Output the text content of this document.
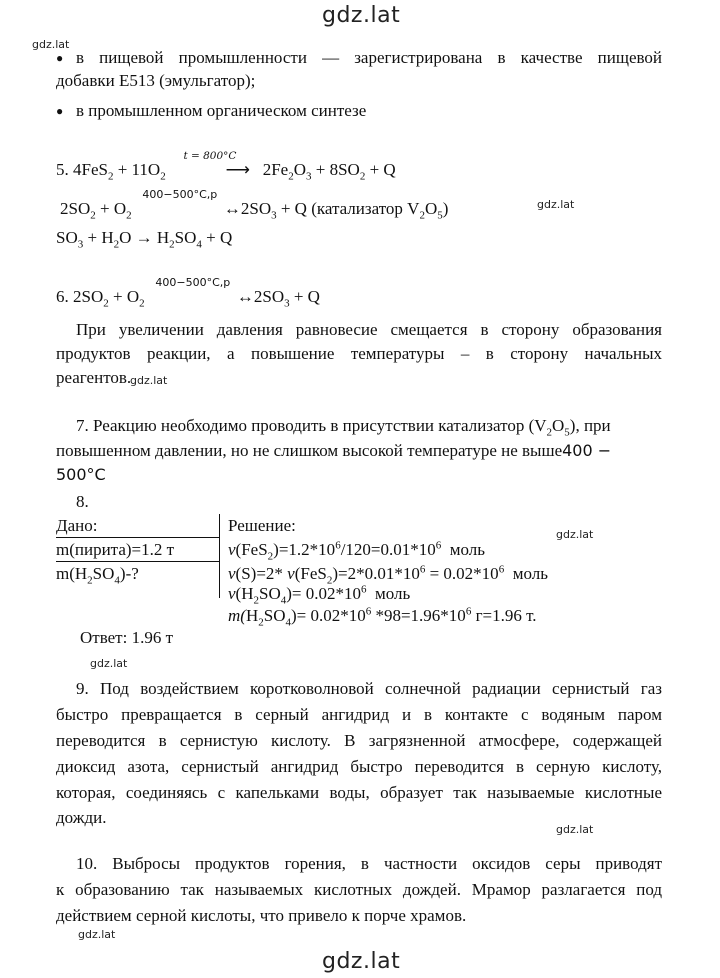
gdz.lat
gdz.lat
gdz.lat
gdz.lat
gdz.lat
gdz.lat
gdz.lat
gdz.lat
gdz.lat
● в пищевой промышленности — зарегистрирована в качестве пищевой
добавки E513 (эмульгатор);
● в промышленном органическом синтезе
5. $4FeS_2 + 11O_2$
t = 800°C
⟶ $2Fe_2O_3 + 8SO_2 + Q$
$2SO_2 + O_2$
400−500°C,p
$\leftrightarrow 2SO_3 + Q$ (катализатор $V_2O_5$)
$SO_3 + H_2O \to H_2SO_4 + Q$
6. $2SO_2 + O_2$
400−500°C,p
$\leftrightarrow 2SO_3 + Q$
При увеличении давления равновесие смещается в сторону образования
продуктов реакции, а повышение температуры – в сторону начальных
реагентов.
7. Реакцию необходимо проводить в присутствии катализатор $(V_2O_5)$, при
повышенном давлении, но не слишком высокой температуре не выше400 −
500°C
8.
Дано:
m(пирита)=1.2 т
$m(H_2SO_4)-$?
Решение:
$v(FeS_2)=1.2*10^6/120=0.01*10^6$ моль
v(S)=2* $v(FeS_2)=2*0.01*10^6 = 0.02*10^6$ моль
$v(H_2SO_4)= 0.02*10^6$ моль
$m(H_2SO_4)= 0.02*10^6$ $*98=1.96*10^6$ г=1.96 т.
Ответ: 1.96 т
9. Под воздействием коротковолновой солнечной радиации сернистый газ
быстро превращается в серный ангидрид и в контакте с водяным паром
переводится в сернистую кислоту. В загрязненной атмосфере, содержащей
диоксид азота, сернистый ангидрид быстро переводится в серную кислоту,
которая, соединяясь с капельками воды, образует так называемые кислотные
дожди.
10. Выбросы продуктов горения, в частности оксидов серы приводят
к образованию так называемых кислотных дождей. Мрамор разлагается под
действием серной кислоты, что привело к порче храмов.
